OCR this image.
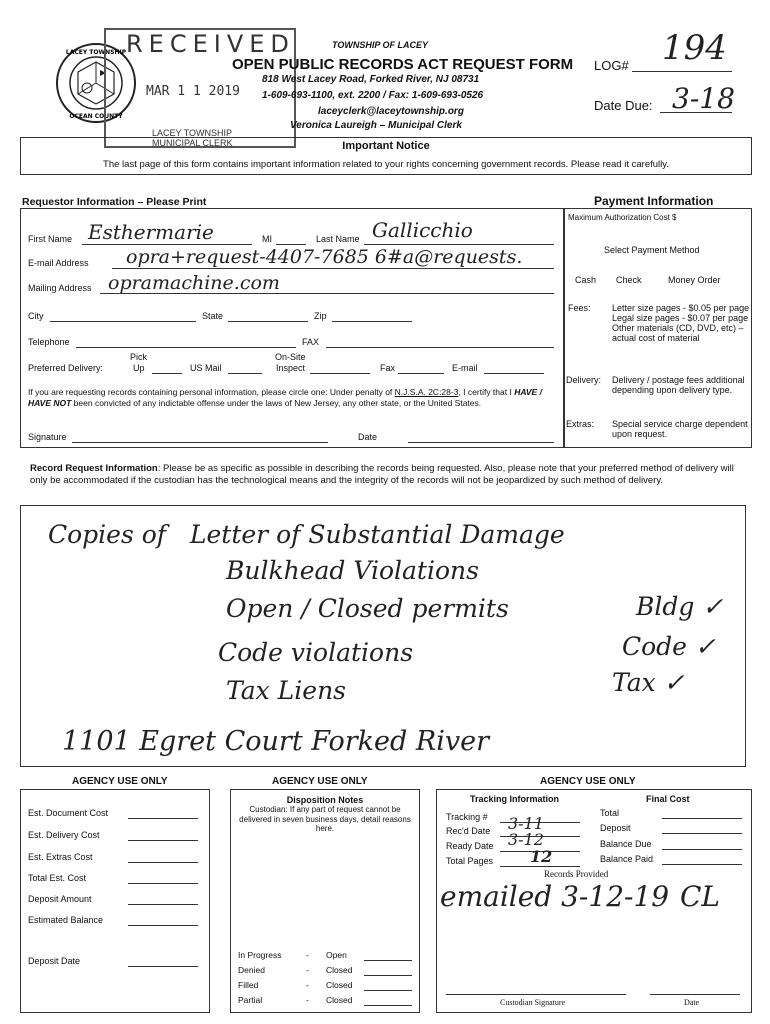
LACEY TOWNSHIP
OCEAN COUNTY
RECEIVED
MAR 1 1 2019
LACEY TOWNSHIP
MUNICIPAL CLERK
TOWNSHIP OF LACEY
OPEN PUBLIC RECORDS ACT REQUEST FORM
818 West Lacey Road, Forked River, NJ 08731
1-609-693-1100, ext. 2200 / Fax: 1-609-693-0526
laceyclerk@laceytownship.org
Veronica Laureigh – Municipal Clerk
LOG# 194
Date Due: 3-18
Important Notice
The last page of this form contains important information related to your rights concerning government records. Please read it carefully.
Requestor Information – Please Print
First Name Esthermarie	MI	Last Name Gallicchio
E-mail Address opra+request-4407-7685 6#a@requests.
Mailing Address opramachine.com
City	State	Zip
Telephone	FAX
Pick	On-Site
Preferred Delivery:	Up	US Mail	Inspect	Fax	E-mail
If you are requesting records containing personal information, please circle one: Under penalty of N.J.S.A. 2C:28-3, I certify that I HAVE / HAVE NOT been convicted of any indictable offense under the laws of New Jersey, any other state, or the United States.
Signature	Date
Payment Information
Maximum Authorization Cost $
Select Payment Method
Cash Check	Money Order
Fees: Letter size pages - $0.05 per page
Legal size pages - $0.07 per page
Other materials (CD, DVD, etc) – actual cost of material
Delivery: Delivery / postage fees additional depending upon delivery type.
Extras: Special service charge dependent upon request.
Record Request Information: Please be as specific as possible in describing the records being requested. Also, please note that your preferred method of delivery will only be accommodated if the custodian has the technological means and the integrity of the records will not be jeopardized by such method of delivery.
Copies of   Letter of Substantial Damage
Bulkhead Violations
Open / Closed permits
Code violations
Tax Liens
1101 Egret Court Forked River
Bldg ✓
Code ✓
Tax ✓
AGENCY USE ONLY
Est. Document Cost
Est. Delivery Cost
Est. Extras Cost
Total Est. Cost
Deposit Amount
Estimated Balance
Deposit Date
AGENCY USE ONLY
Disposition Notes
Custodian: If any part of request cannot be delivered in seven business days, detail reasons here.
In Progress	- Open
Denied	- Closed
Filled	- Closed
Partial	- Closed
AGENCY USE ONLY
Tracking Information	Final Cost
Tracking #
Rec'd Date 3-11
Ready Date 3-12
Total Pages 12
Total
Deposit
Balance Due
Balance Paid
Records Provided
emailed 3-12-19 CL
Custodian Signature	Date
